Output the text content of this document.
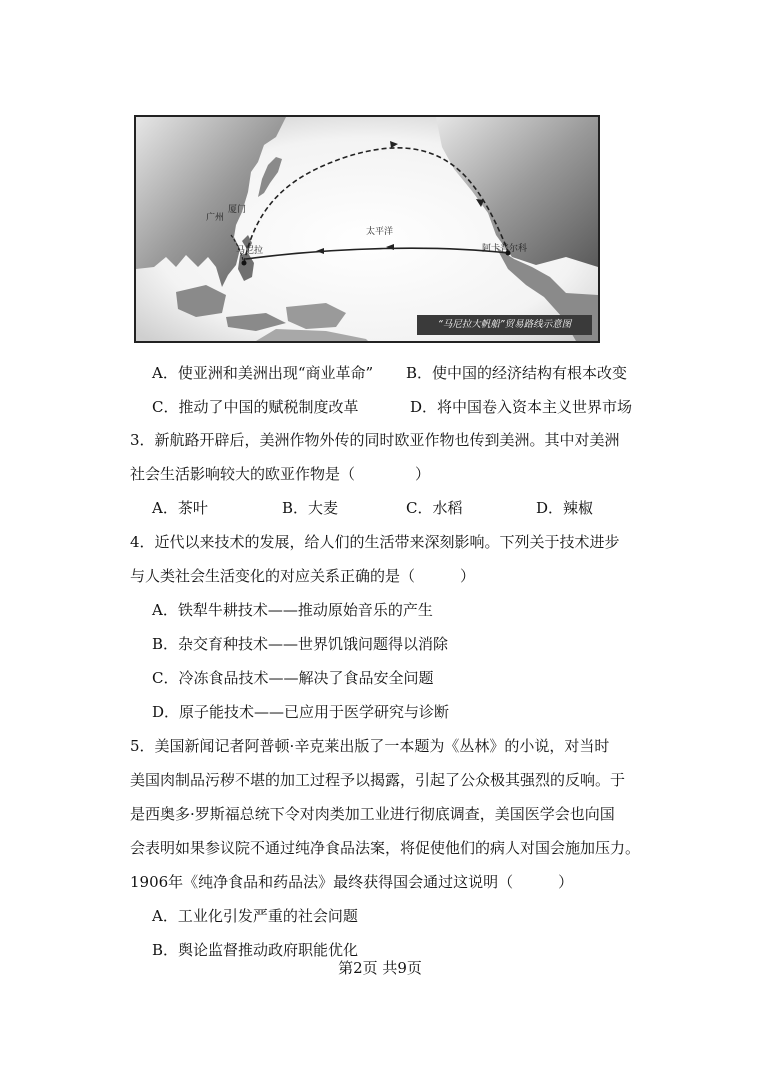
广州
厦门
马尼拉
太平洋
阿卡普尔科
“马尼拉大帆船”贸易路线示意图
A．使亚洲和美洲出现“商业革命” B．使中国的经济结构有根本改变
C．推动了中国的赋税制度改革	D．将中国卷入资本主义世界市场
3．新航路开辟后，美洲作物外传的同时欧亚作物也传到美洲。其中对美洲
社会生活影响较大的欧亚作物是（　　　　）
A．茶叶	B．大麦	C．水稻	D．辣椒
4．近代以来技术的发展，给人们的生活带来深刻影响。下列关于技术进步
与人类社会生活变化的对应关系正确的是（　　　）
A．铁犁牛耕技术——推动原始音乐的产生
B．杂交育种技术——世界饥饿问题得以消除
C．冷冻食品技术——解决了食品安全问题
D．原子能技术——已应用于医学研究与诊断
5．美国新闻记者阿普顿·辛克莱出版了一本题为《丛林》的小说，对当时
美国肉制品污秽不堪的加工过程予以揭露，引起了公众极其强烈的反响。于
是西奥多·罗斯福总统下令对肉类加工业进行彻底调查，美国医学会也向国
会表明如果参议院不通过纯净食品法案，将促使他们的病人对国会施加压力。
1906年《纯净食品和药品法》最终获得国会通过这说明（　　　）
A．工业化引发严重的社会问题
B．舆论监督推动政府职能优化
第2页 共9页
